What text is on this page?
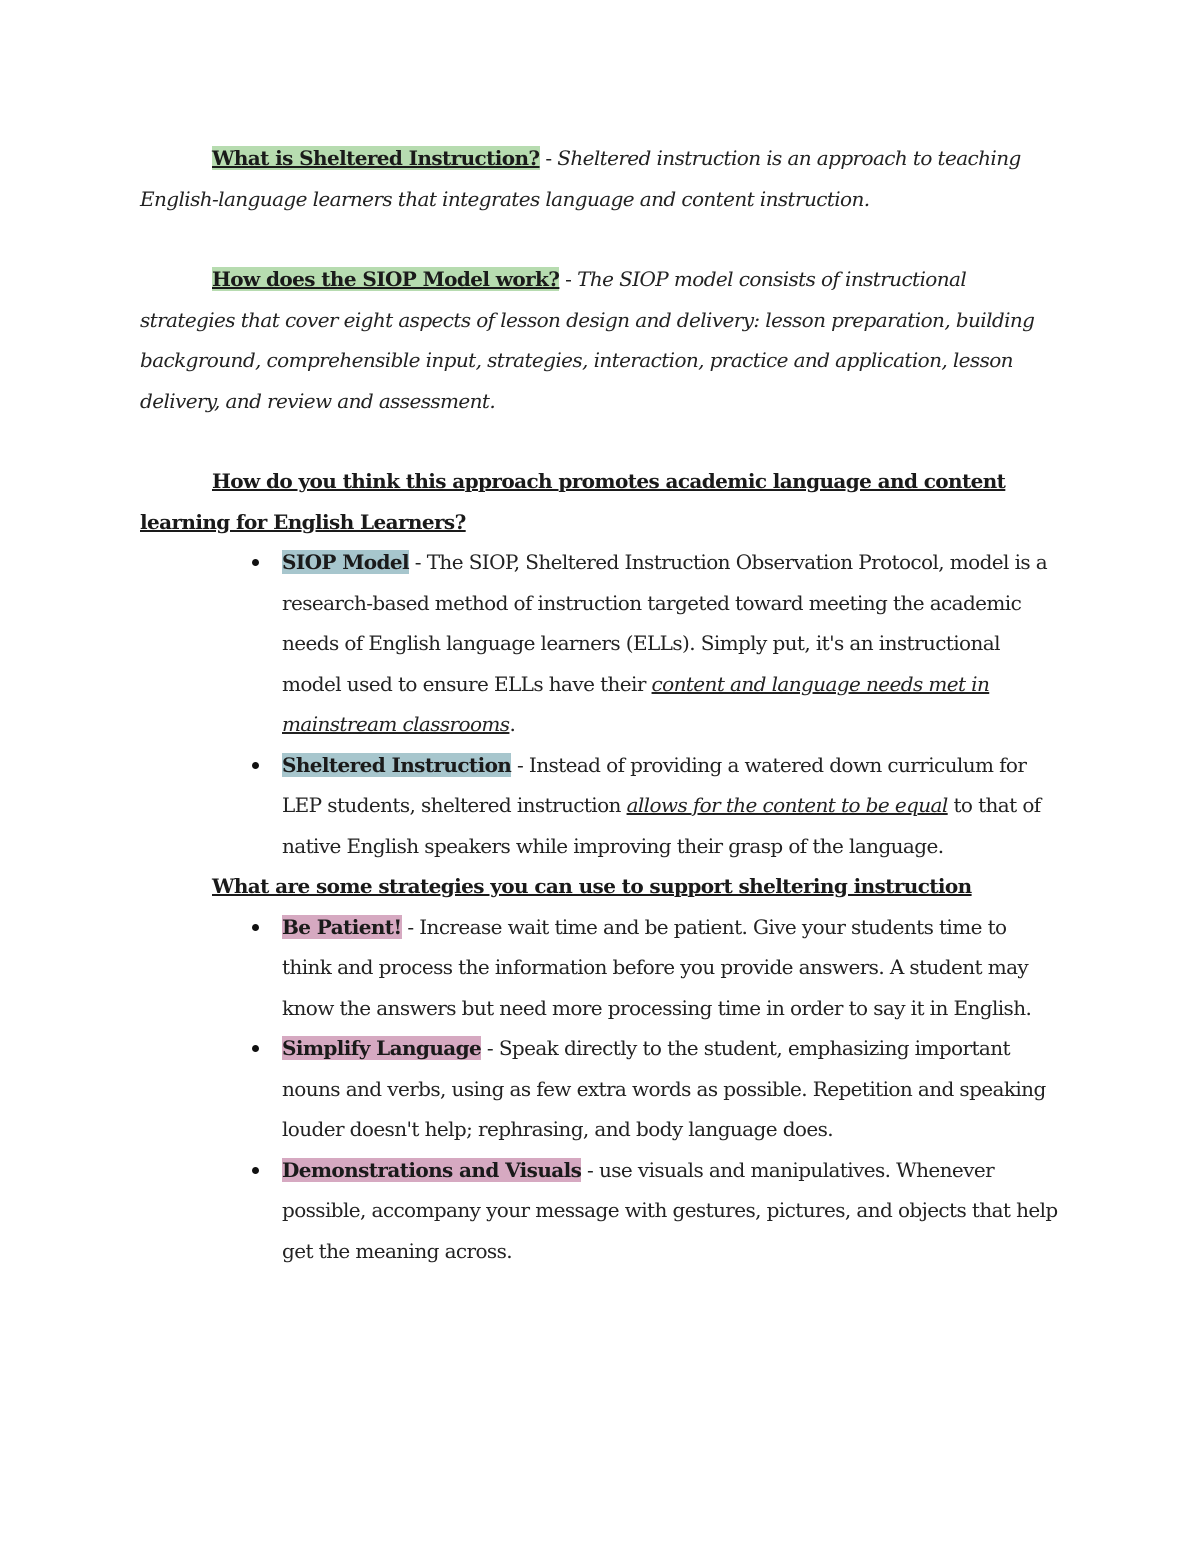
What is Sheltered Instruction? - Sheltered instruction is an approach to teaching English-language learners that integrates language and content instruction.

How does the SIOP Model work? - The SIOP model consists of instructional strategies that cover eight aspects of lesson design and delivery: lesson preparation, building background, comprehensible input, strategies, interaction, practice and application, lesson delivery, and review and assessment.

How do you think this approach promotes academic language and content learning for English Learners?

SIOP Model - The SIOP, Sheltered Instruction Observation Protocol, model is a research-based method of instruction targeted toward meeting the academic needs of English language learners (ELLs). Simply put, it's an instructional model used to ensure ELLs have their content and language needs met in mainstream classrooms.
Sheltered Instruction - Instead of providing a watered down curriculum for LEP students, sheltered instruction allows for the content to be equal to that of native English speakers while improving their grasp of the language.

What are some strategies you can use to support sheltering instruction

Be Patient! - Increase wait time and be patient. Give your students time to think and process the information before you provide answers. A student may know the answers but need more processing time in order to say it in English.
Simplify Language - Speak directly to the student, emphasizing important nouns and verbs, using as few extra words as possible. Repetition and speaking louder doesn't help; rephrasing, and body language does.
Demonstrations and Visuals - use visuals and manipulatives. Whenever possible, accompany your message with gestures, pictures, and objects that help get the meaning across.
